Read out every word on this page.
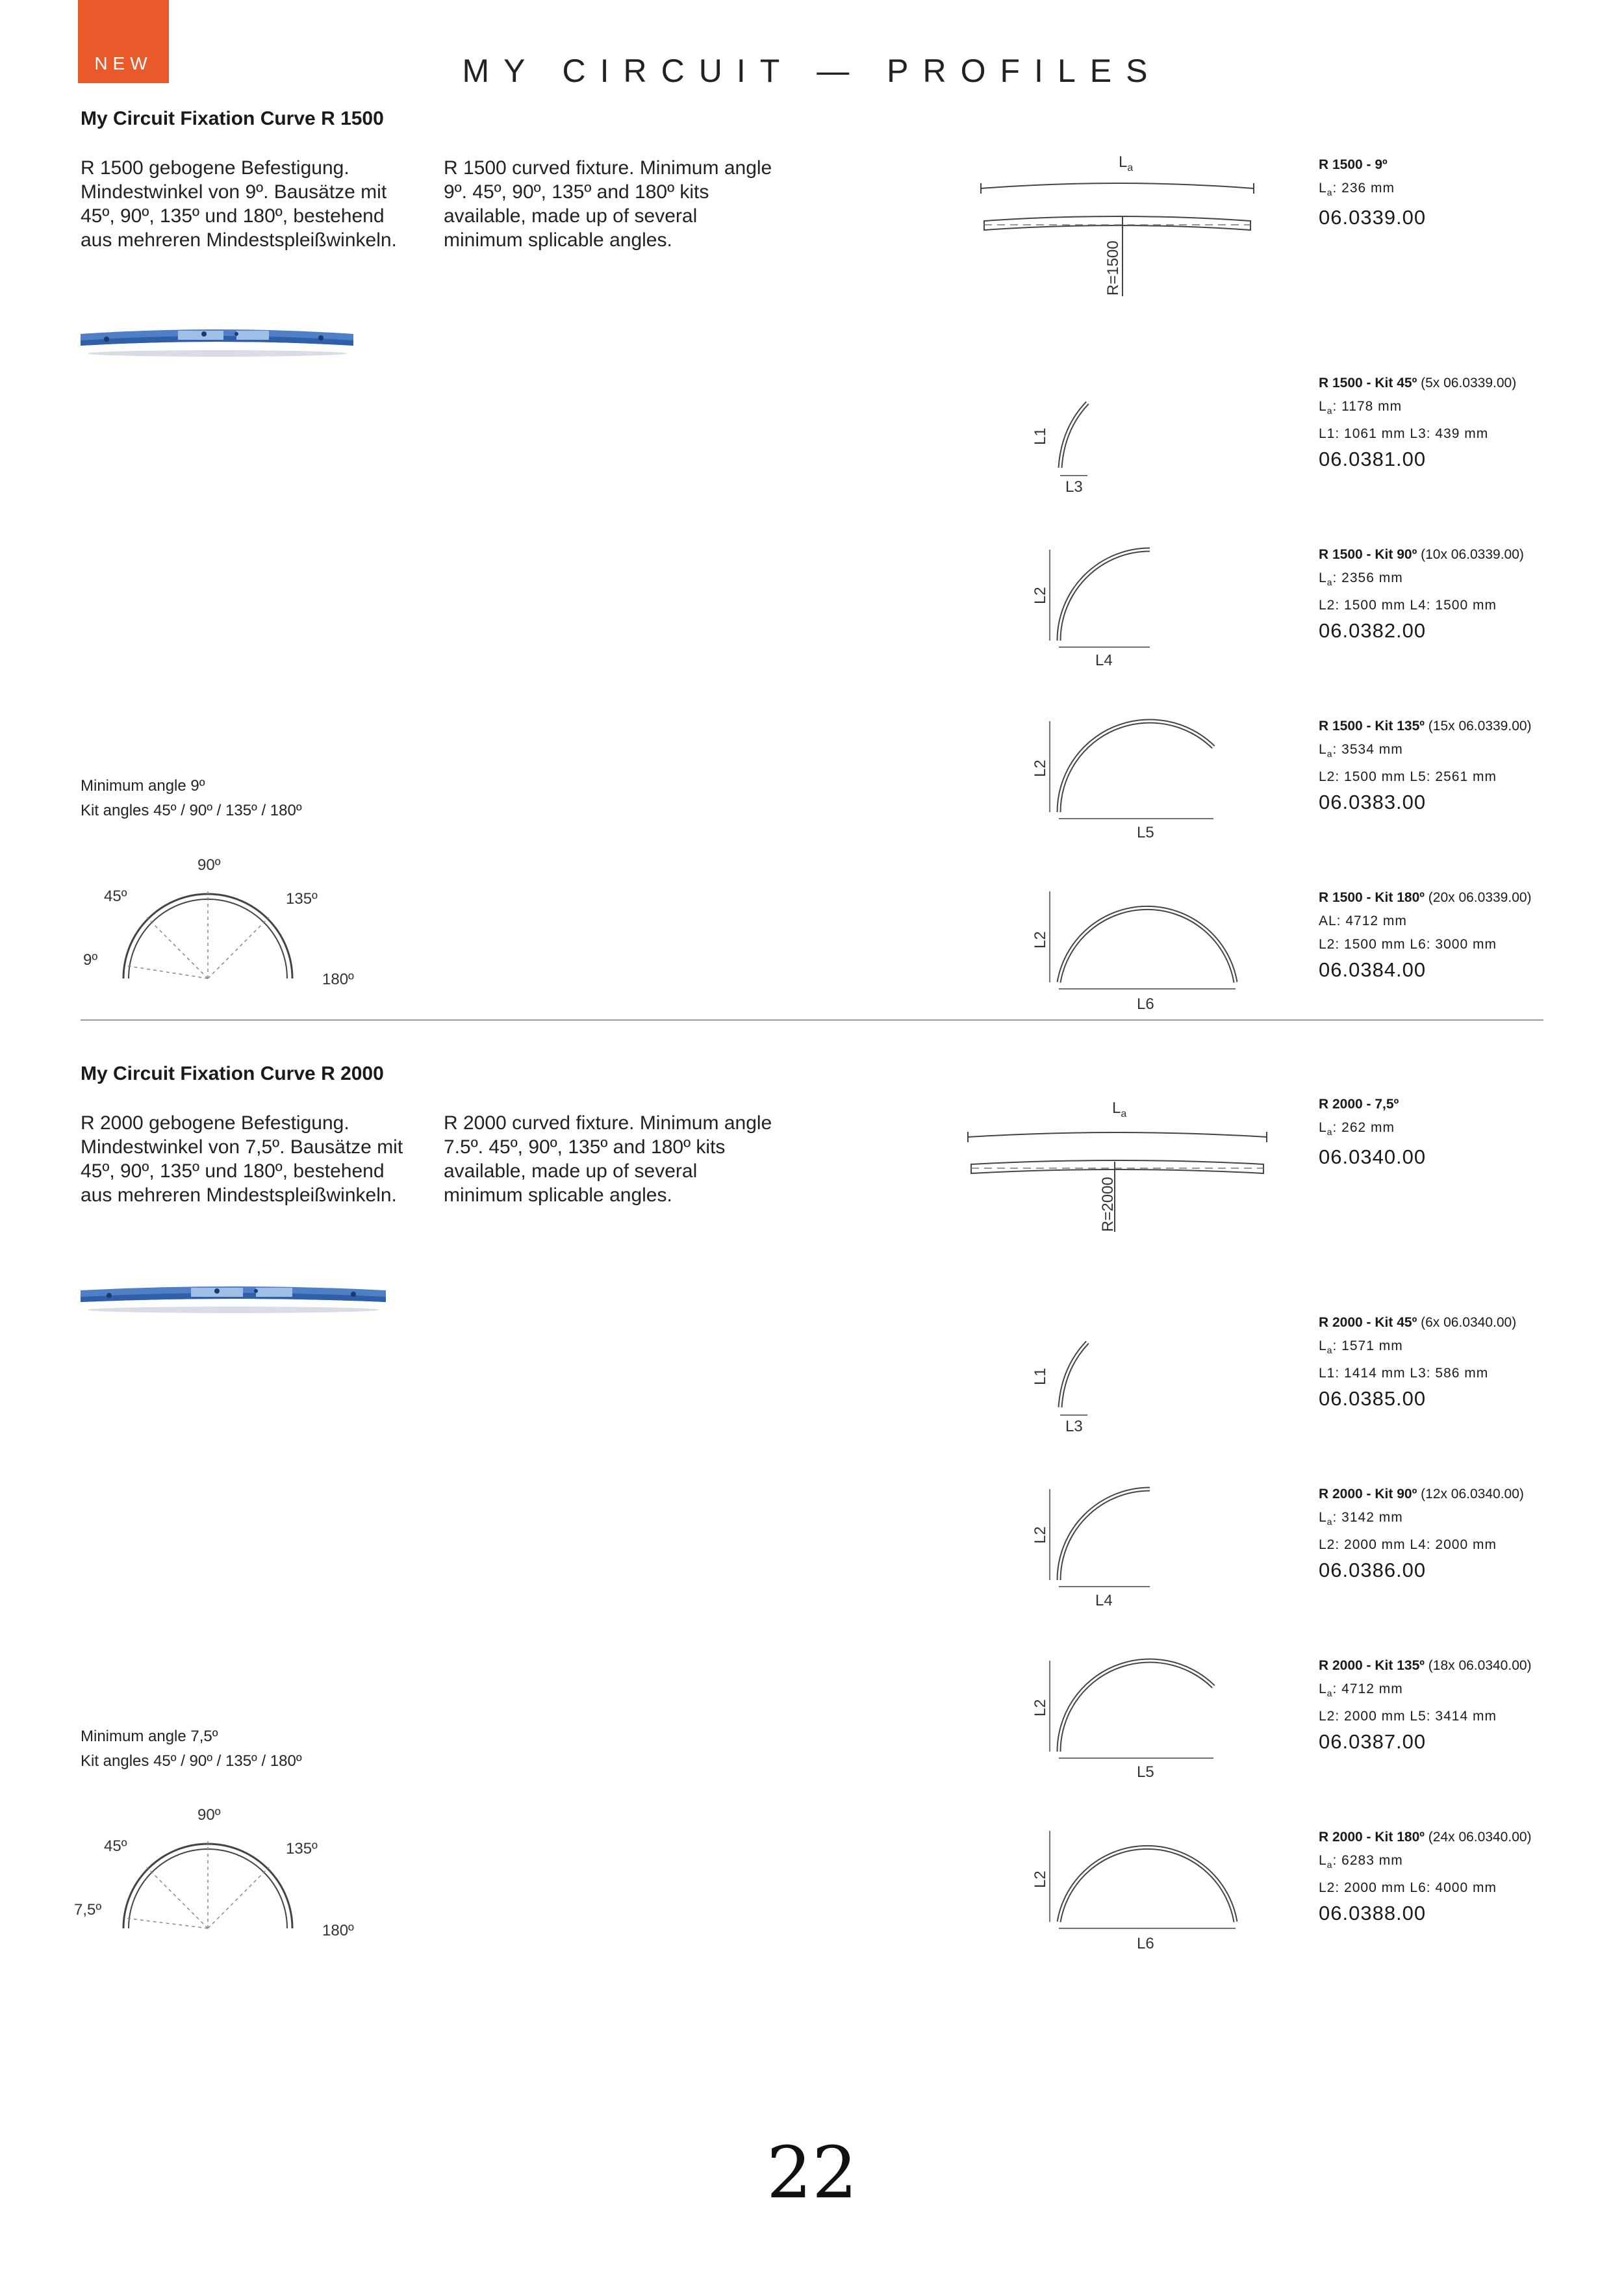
NEW	MY CIRCUIT — PROFILES
My Circuit Fixation Curve R 1500
R 1500 gebogene Befestigung. Mindestwinkel von 9º. Bausätze mit 45º, 90º, 135º und 180º, bestehend aus mehreren Mindestspleißwinkeln.
R 1500 curved fixture. Minimum angle 9º. 45º, 90º, 135º and 180º kits available, made up of several minimum splicable angles.
Minimum angle 9º
Kit angles 45º / 90º / 135º / 180º
90º
45º	135º
9º
180º
$L_a$
R=1500
L1
L3
L2
L4
L2
L5
L2
L6
R 1500 - 9º
$L_a$: 236 mm
06.0339.00
R 1500 - Kit 45º (5x 06.0339.00)
$L_a$: 1178 mm
L1: 1061 mm L3: 439 mm
06.0381.00
R 1500 - Kit 90º (10x 06.0339.00)
$L_a$: 2356 mm
L2: 1500 mm L4: 1500 mm
06.0382.00
R 1500 - Kit 135º (15x 06.0339.00)
$L_a$: 3534 mm
L2: 1500 mm L5: 2561 mm
06.0383.00
R 1500 - Kit 180º (20x 06.0339.00)
AL: 4712 mm
L2: 1500 mm L6: 3000 mm
06.0384.00
My Circuit Fixation Curve R 2000
R 2000 gebogene Befestigung. Mindestwinkel von 7,5º. Bausätze mit 45º, 90º, 135º und 180º, bestehend aus mehreren Mindestspleißwinkeln.
R 2000 curved fixture. Minimum angle 7.5º. 45º, 90º, 135º and 180º kits available, made up of several minimum splicable angles.
Minimum angle 7,5º
Kit angles 45º / 90º / 135º / 180º
90º
45º	135º
7,5º
180º
$L_a$
R=2000
L1
L3
L2
L4
L2
L5
L2
L6
R 2000 - 7,5º
$L_a$: 262 mm
06.0340.00
R 2000 - Kit 45º (6x 06.0340.00)
$L_a$: 1571 mm
L1: 1414 mm L3: 586 mm
06.0385.00
R 2000 - Kit 90º (12x 06.0340.00)
$L_a$: 3142 mm
L2: 2000 mm L4: 2000 mm
06.0386.00
R 2000 - Kit 135º (18x 06.0340.00)
$L_a$: 4712 mm
L2: 2000 mm L5: 3414 mm
06.0387.00
R 2000 - Kit 180º (24x 06.0340.00)
$L_a$: 6283 mm
L2: 2000 mm L6: 4000 mm
06.0388.00
22
